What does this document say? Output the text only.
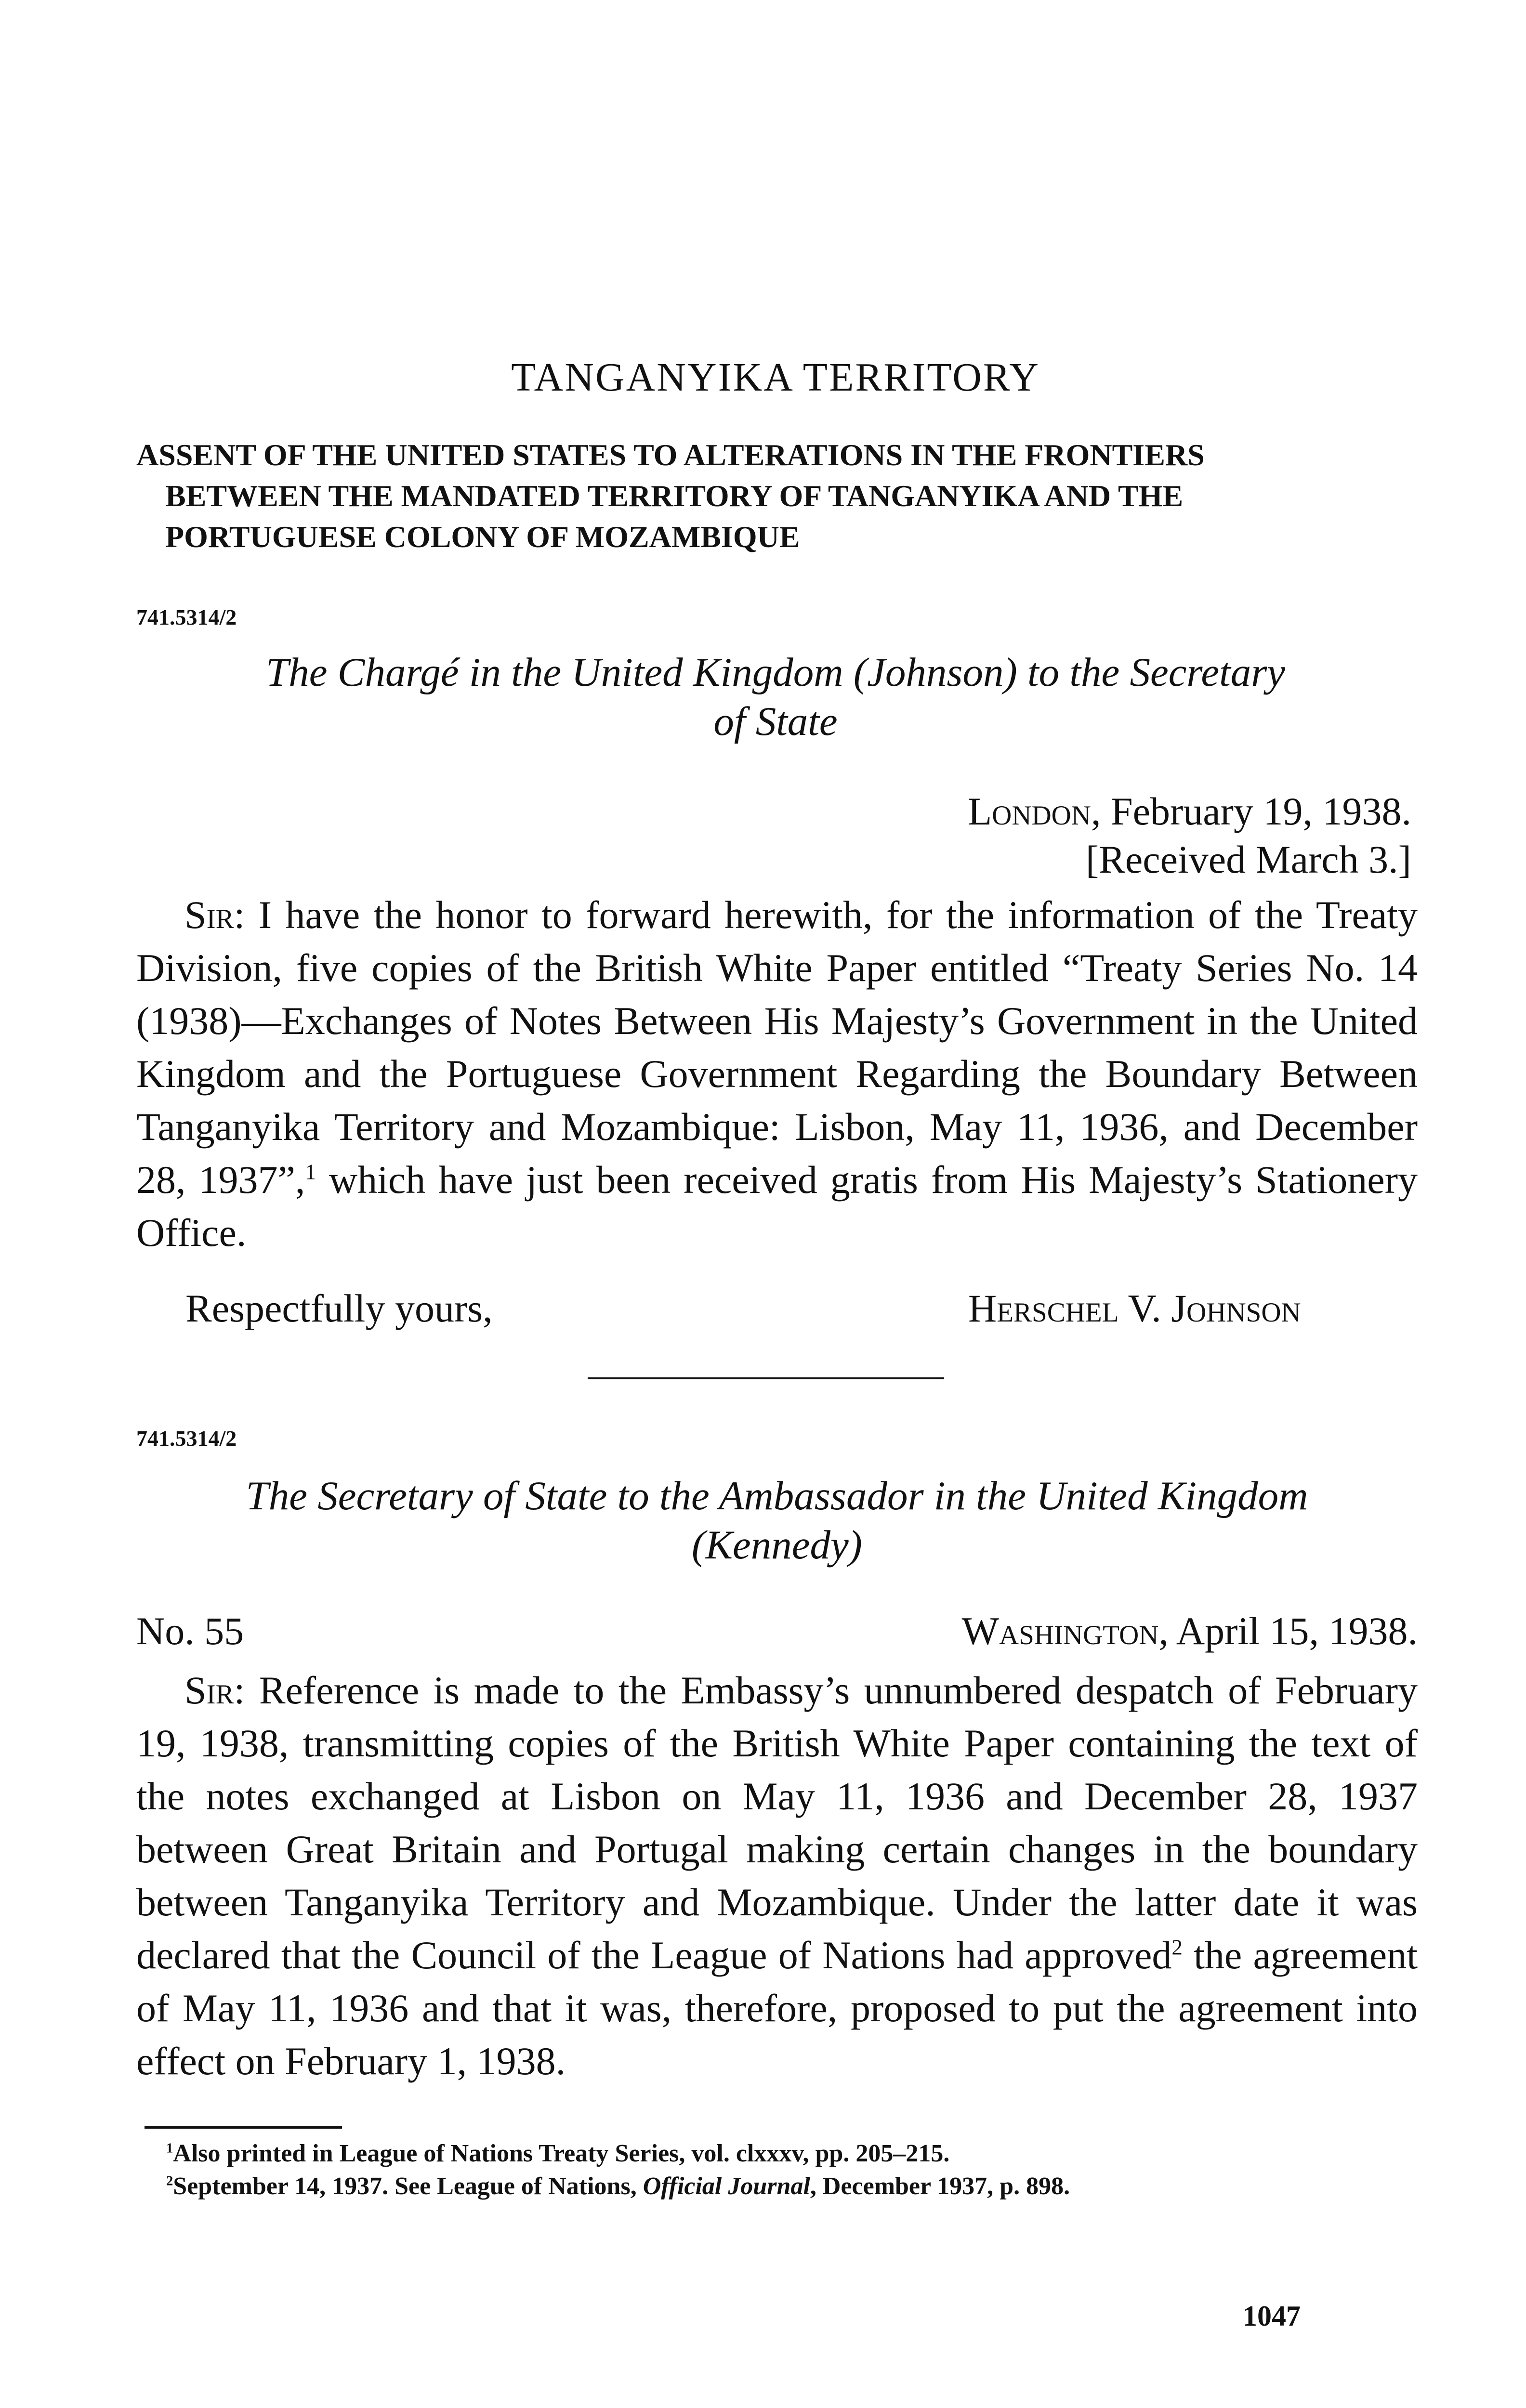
TANGANYIKA TERRITORY
ASSENT OF THE UNITED STATES TO ALTERATIONS IN THE FRONTIERS
BETWEEN THE MANDATED TERRITORY OF TANGANYIKA AND THE
PORTUGUESE COLONY OF MOZAMBIQUE
741.5314/2
The Chargé in the United Kingdom (Johnson) to the Secretary
of State
London, February 19, 1938.
[Received March 3.]

Sir: I have the honor to forward herewith, for the information of the Treaty Division, five copies of the British White Paper entitled “Treaty Series No. 14 (1938)—Exchanges of Notes Between His Majesty’s Government in the United Kingdom and the Portuguese Government Regarding the Boundary Between Tanganyika Territory and Mozambique: Lisbon, May 11, 1936, and December 28, 1937”,$^1$ which have just been received gratis from His Majesty’s Stationery Office.

Respectfully yours,	Herschel V. Johnson
741.5314/2
The Secretary of State to the Ambassador in the United Kingdom
(Kennedy)
No. 55	Washington, April 15, 1938.

Sir: Reference is made to the Embassy’s unnumbered despatch of February 19, 1938, transmitting copies of the British White Paper containing the text of the notes exchanged at Lisbon on May 11, 1936 and December 28, 1937 between Great Britain and Portugal making certain changes in the boundary between Tanganyika Territory and Mozambique. Under the latter date it was declared that the Council of the League of Nations had approved$^2$ the agreement of May 11, 1936 and that it was, therefore, proposed to put the agreement into effect on February 1, 1938.

$^1$Also printed in League of Nations Treaty Series, vol. clxxxv, pp. 205–215.
$^2$September 14, 1937. See League of Nations, Official Journal, December 1937, p. 898.
1047
